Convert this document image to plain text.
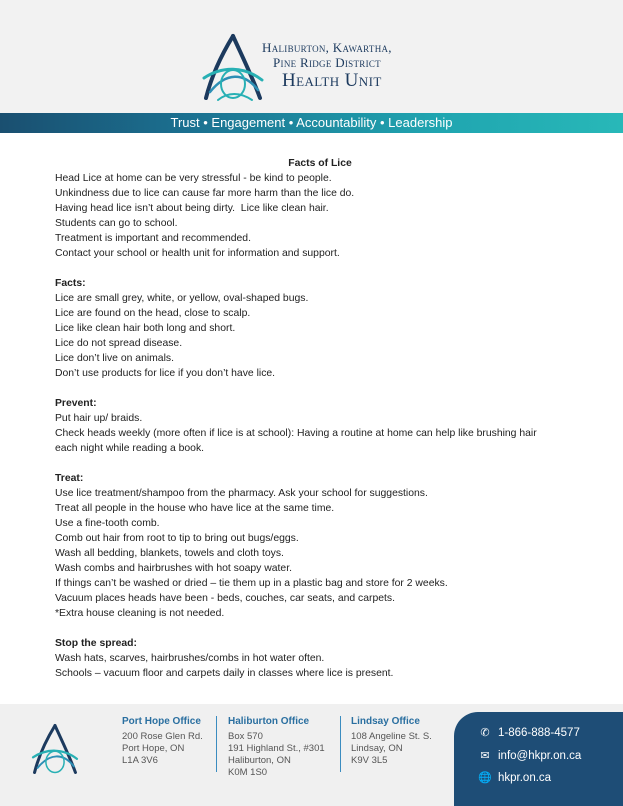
Haliburton, Kawartha,
Pine Ridge District
Health Unit
Trust • Engagement • Accountability • Leadership
Facts of Lice
Head Lice at home can be very stressful - be kind to people.
Unkindness due to lice can cause far more harm than the lice do.
Having head lice isn’t about being dirty.  Lice like clean hair.
Students can go to school.
Treatment is important and recommended.
Contact your school or health unit for information and support.
Facts:
Lice are small grey, white, or yellow, oval-shaped bugs.
Lice are found on the head, close to scalp.
Lice like clean hair both long and short.
Lice do not spread disease.
Lice don’t live on animals.
Don’t use products for lice if you don’t have lice.
Prevent:
Put hair up/ braids.
Check heads weekly (more often if lice is at school): Having a routine at home can help like brushing hair each night while reading a book.
Treat:
Use lice treatment/shampoo from the pharmacy. Ask your school for suggestions.
Treat all people in the house who have lice at the same time.
Use a fine-tooth comb.
Comb out hair from root to tip to bring out bugs/eggs.
Wash all bedding, blankets, towels and cloth toys.
Wash combs and hairbrushes with hot soapy water.
If things can’t be washed or dried – tie them up in a plastic bag and store for 2 weeks.
Vacuum places heads have been - beds, couches, car seats, and carpets.
*Extra house cleaning is not needed.
Stop the spread:
Wash hats, scarves, hairbrushes/combs in hot water often.
Schools – vacuum floor and carpets daily in classes where lice is present.
Port Hope Office
200 Rose Glen Rd.
Port Hope, ON
L1A 3V6
Haliburton Office
Box 570
191 Highland St., #301
Haliburton, ON
K0M 1S0
Lindsay Office
108 Angeline St. S.
Lindsay, ON
K9V 3L5
✆ 1-866-888-4577
✉ info@hkpr.on.ca
🌐 hkpr.on.ca
